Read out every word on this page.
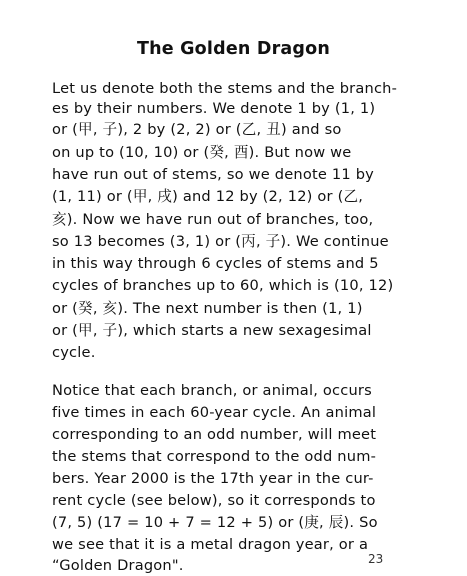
The Golden Dragon
Let us denote both the stems and the branch-
es by their numbers. We denote 1 by (1, 1)
or (甲, 子), 2 by (2, 2) or (乙, 丑) and so
on up to (10, 10) or (癸, 酉). But now we
have run out of stems, so we denote 11 by
(1, 11) or (甲, 戌) and 12 by (2, 12) or (乙,
亥). Now we have run out of branches, too,
so 13 becomes (3, 1) or (丙, 子). We continue
in this way through 6 cycles of stems and 5
cycles of branches up to 60, which is (10, 12)
or (癸, 亥). The next number is then (1, 1)
or (甲, 子), which starts a new sexagesimal
cycle.
Notice that each branch, or animal, occurs
five times in each 60-year cycle. An animal
corresponding to an odd number, will meet
the stems that correspond to the odd num-
bers. Year 2000 is the 17th year in the cur-
rent cycle (see below), so it corresponds to
(7, 5) (17 = 10 + 7 = 12 + 5) or (庚, 辰). So
we see that it is a metal dragon year, or a
“Golden Dragon".	23
